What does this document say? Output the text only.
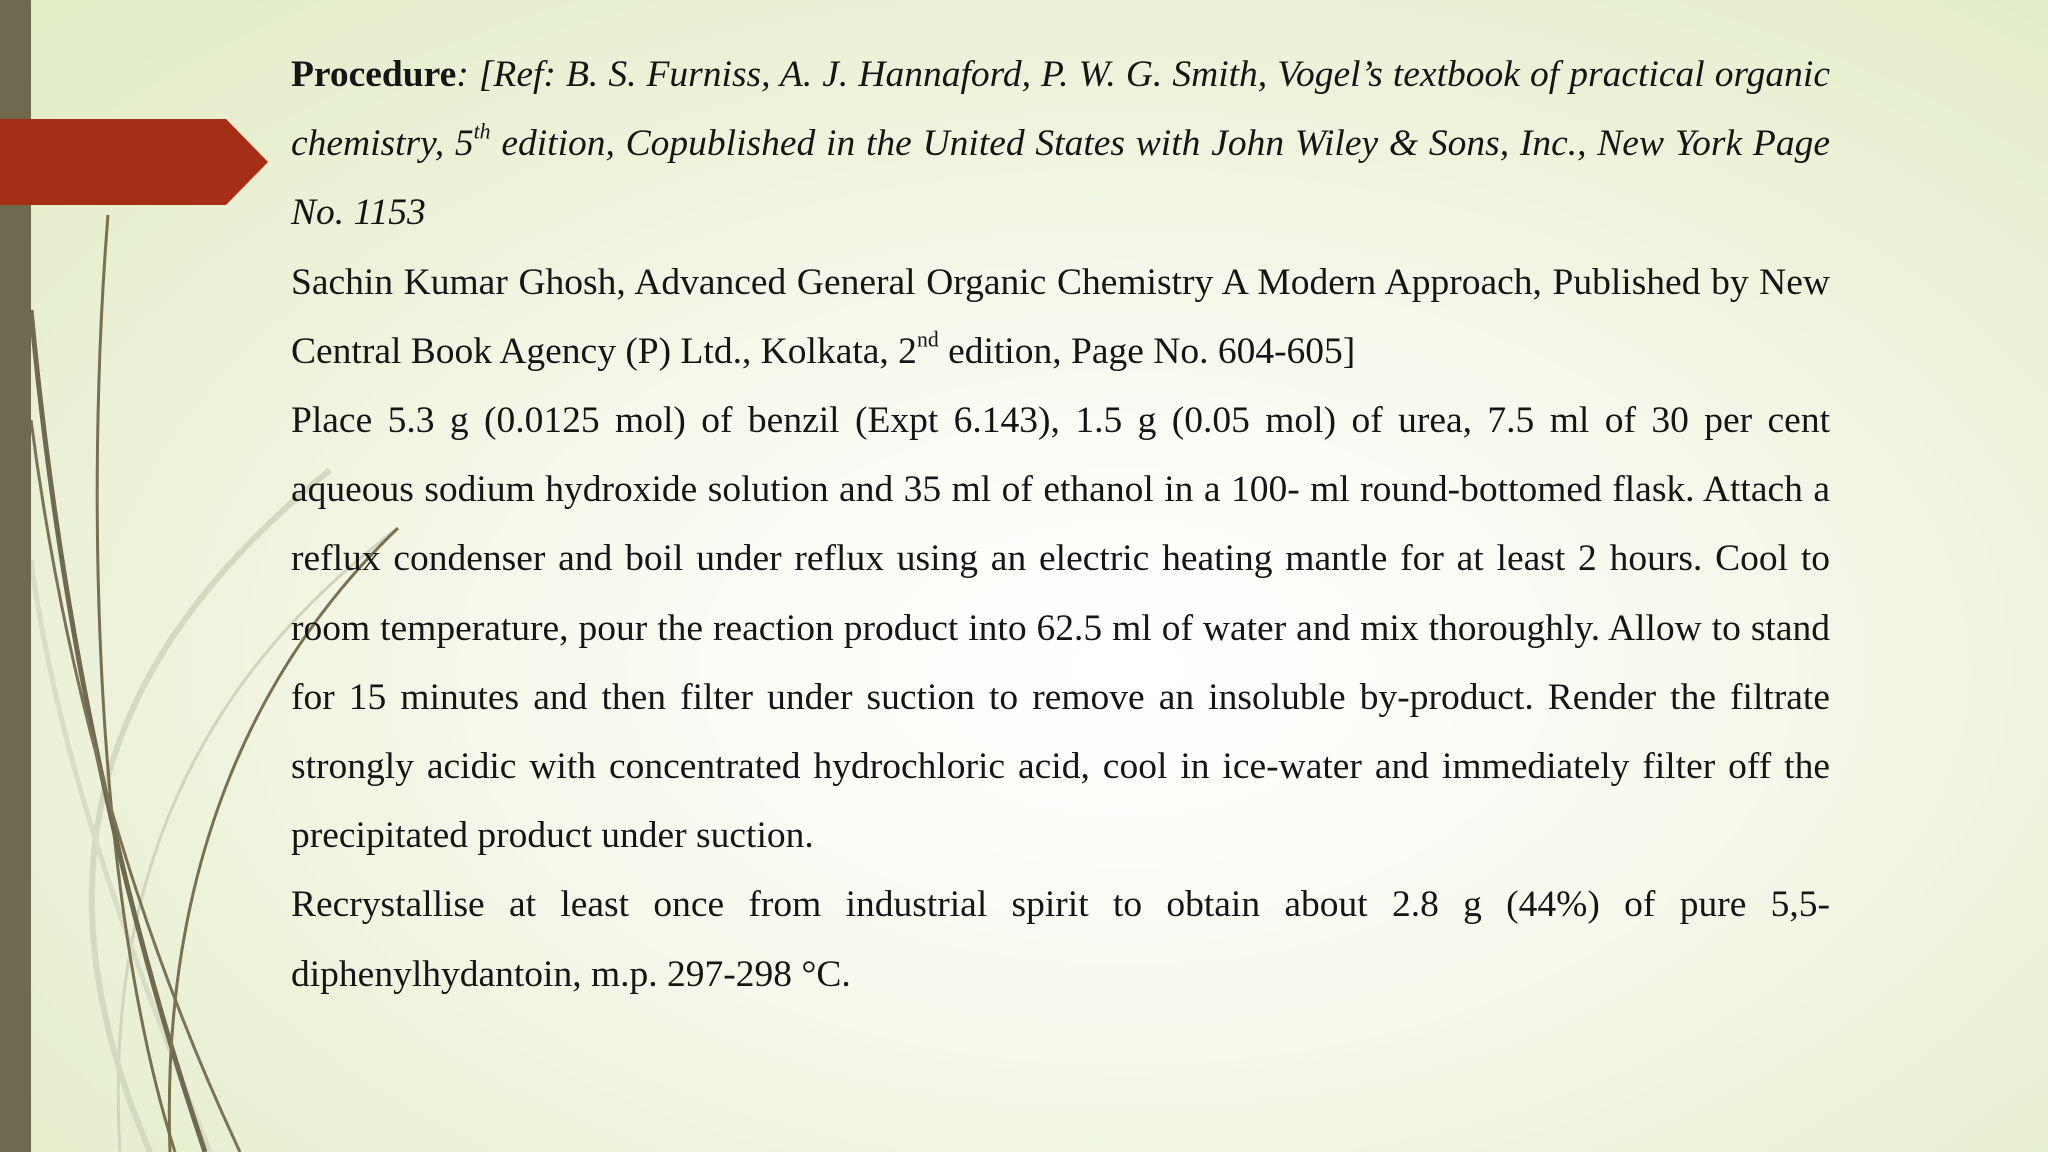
Procedure: [Ref: B. S. Furniss, A. J. Hannaford, P. W. G. Smith, Vogel’s textbook of practical organic chemistry, 5th edition, Copublished in the United States with John Wiley & Sons, Inc., New York Page No. 1153

Sachin Kumar Ghosh, Advanced General Organic Chemistry A Modern Approach, Published by New Central Book Agency (P) Ltd., Kolkata, 2nd edition, Page No. 604-605]

Place 5.3 g (0.0125 mol) of benzil (Expt 6.143), 1.5 g (0.05 mol) of urea, 7.5 ml of 30 per cent aqueous sodium hydroxide solution and 35 ml of ethanol in a 100- ml round-bottomed flask. Attach a reflux condenser and boil under reflux using an electric heating mantle for at least 2 hours. Cool to room temperature, pour the reaction product into 62.5 ml of water and mix thoroughly. Allow to stand for 15 minutes and then filter under suction to remove an insoluble by-product. Render the filtrate strongly acidic with concentrated hydrochloric acid, cool in ice-water and immediately filter off the precipitated product under suction.

Recrystallise at least once from industrial spirit to obtain about 2.8 g (44%) of pure 5,5-diphenylhydantoin, m.p. 297-298 °C.
